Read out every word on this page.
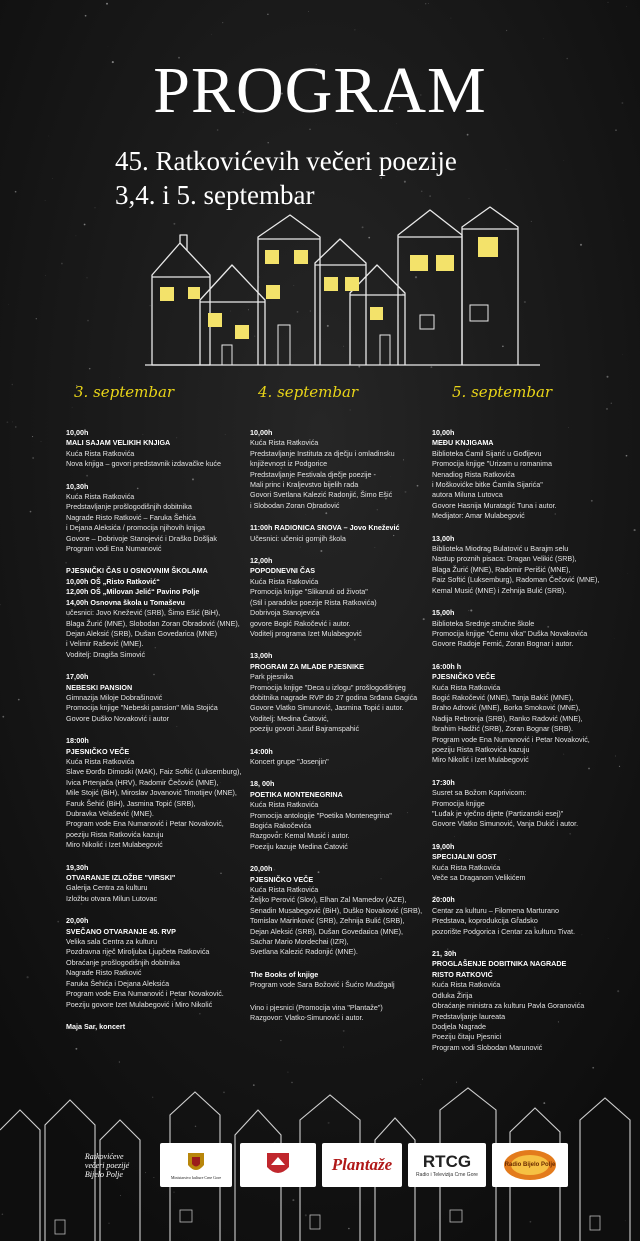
PROGRAM
45. Ratkovićevih večeri poezije
3,4. i 5. septembar
3. septembar	4. septembar	5. septembar
10,00h
MALI SAJAM VELIKIH KNJIGA
Kuća Rista Ratkovića
Nova knjiga – govori predstavnik izdavačke kuće
10,30h
Kuća Rista Ratkovića
Predstavljanje prošlogodišnjih dobitnika
Nagrade Risto Ratković – Faruka Šehića
i Dejana Aleksića / promocija njihovih knjiga
Govore – Dobrivoje Stanojević i Draško Došljak
Program vodi Ena Numanović
PJESNIČKI ČAS U OSNOVNIM ŠKOLAMA
10,00h OŠ „Risto Ratković“
12,00h OŠ „Milovan Jelić“ Pavino Polje
14,00h Osnovna škola u Tomaševu
učesnici: Jovo Knežević (SRB), Šimo Ešić (BiH),
Blaga Žurić (MNE), Slobodan Zoran Obradović (MNE),
Dejan Aleksić (SRB), Dušan Govedarica (MNE)
i Velimir Rašević (MNE).
Voditelj: Dragiša Simović
17,00h
NEBESKI PANSION
Gimnazija Miloje Dobrašinović
Promocija knjige "Nebeski pansion" Mila Stojića
Govore Duško Novaković i autor
18:00h
PJESNIČKO VEČE
Kuća Rista Ratkovića
Slave Đorđo Dimoski (MAK), Faiz Softić (Luksemburg),
Ivica Prtenjača (HRV), Radomir Čečović (MNE),
Mile Stojić (BiH), Miroslav Jovanović Timotijev (MNE),
Faruk Šehić (BiH), Jasmina Topić (SRB),
Dubravka Velašević (MNE).
Program vode Ena Numanović i Petar Novaković,
poeziju Rista Ratkovića kazuju
Miro Nikolić i Izet Mulabegović
19,30h
OTVARANJE IZLOŽBE "VIRSKI"
Galerija Centra za kulturu
Izložbu otvara Milun Lutovac
20,00h
SVEČANO OTVARANJE 45. RVP
Velika sala Centra za kulturu
Pozdravna riječ Miroljuba Ljupčeta Ratkovića
Obraćanje prošlogodišnjih dobitnika
Nagrade Risto Ratković
Faruka Šehića i Dejana Aleksića
Program vode Ena Numanović i Petar Novaković.
Poeziju govore Izet Mulabegović i Miro Nikolić
Maja Sar, koncert
10,00h
Kuća Rista Ratkovića
Predstavljanje Instituta za dječju i omladinsku
književnost iz Podgorice
Predstavljanje Festivala dječje poezije -
Mali princ i Kraljevstvo bijelih rada
Govori Svetlana Kalezić Radonjić, Šimo Ešić
i Slobodan Zoran Obradović
11:00h RADIONICA SNOVA – Jovo Knežević
Učesnici: učenici gornjih škola
12,00h
POPODNEVNI ČAS
Kuća Rista Ratkovića
Promocija knjige "Slikanuti od života"
(Stil i paradoks poezije Rista Ratkovića)
Dobrivoja Stanojevića
govore Bogić Rakočević i autor.
Voditelj programa Izet Mulabegović
13,00h
PROGRAM ZA MLADE PJESNIKE
Park pjesnika
Promocija knjige "Deca u izlogu" prošlogodišnjeg
dobitnika nagrade RVP do 27 godina Srđana Gagića
Govore Vlatko Simunović, Jasmina Topić i autor.
Voditelj: Medina Ćatović,
poeziju govori Jusuf Bajramspahić
14:00h
Koncert grupe "Josenjin"
18, 00h
POETIKA MONTENEGRINA
Kuća Rista Ratkovića
Promocija antologije "Poetika Montenegrina"
Bogića Rakočevića
Razgovor: Kemal Musić i autor.
Poeziju kazuje Medina Ćatović
20,00h
PJESNIČKO VEČE
Kuća Rista Ratkovića
Željko Perović (Slov), Elhan Zal Mamedov (AZE),
Senadin Musabegović (BiH), Duško Novaković (SRB),
Tomislav Marinković (SRB), Zehnija Bulić (SRB),
Dejan Aleksić (SRB), Dušan Govedarica (MNE),
Sachar Mario Mordechai (IZR),
Svetlana Kalezić Radonjić (MNE).
The Books of knjige
Program vode Sara Božović i Šućro Mudžgalj
Vino i pjesnici (Promocija vina "Plantaže")
Razgovor: Vlatko Simunović i autor.
10,00h
MEĐU KNJIGAMA
Biblioteka Ćamil Sijarić u Gođijevu
Promocija knjige "Urizam u romanima
Nenadiog Rista Ratkovića
i Moškovićke bitke Ćamila Sijarića"
autora Miluna Lutovca
Govore Hasnija Muratagić Tuna i autor.
Medijator: Amar Mulabegović
13,00h
Biblioteka Miodrag Bulatović u Barajm selu
Nastup proznih pisaca: Dragan Velikić (SRB),
Blaga Žurić (MNE), Radomir Perišić (MNE),
Faiz Softić (Luksemburg), Radoman Čečović (MNE),
Kemal Musić (MNE) i Zehnija Bulić (SRB).
15,00h
Biblioteka Srednje stručne škole
Promocija knjige "Čemu vika" Duška Novakovića
Govore Radoje Femić, Zoran Bognar i autor.
16:00h h
PJESNIČKO VEČE
Kuća Rista Ratkovića
Bogić Rakočević (MNE), Tanja Bakić (MNE),
Braho Adrović (MNE), Borka Smoković (MNE),
Nadija Rebronja (SRB), Ranko Radović (MNE),
Ibrahim Hadžić (SRB), Zoran Bognar (SRB).
Program vode Ena Numanović i Petar Novaković,
poeziju Rista Ratkovića kazuju
Miro Nikolić i Izet Mulabegović
17:30h
Susret sa Božom Koprivicom:
Promocija knjige
"Luđak je vječno dijete (Partizanski esej)"
Govore Vlatko Simunović, Vanja Dukić i autor.
19,00h
SPECIJALNI GOST
Kuća Rista Ratkovića
Veče sa Draganom Velikićem
20:00h
Centar za kulturu – Filomena Marturano
Predstava, koprodukcija Gradsko
pozorište Podgorica i Centar za kulturu Tivat.
21, 30h
PROGLAŠENJE DOBITNIKA NAGRADE
RISTO RATKOVIĆ
Kuća Rista Ratkovića
Odluka Žirija
Obraćanje ministra za kulturu Pavla Goranovića
Predstavljanje laureata
Dodjela Nagrade
Poeziju čitaju Pjesnici
Program vodi Slobodan Marunović
Ratkovićeve
večeri poezije
Bijelo Polje	Ministarstvo kulture Crne Gore
Plantaže RTCG
Radio i Televizija Crne Gore
Radio Bijelo Polje
